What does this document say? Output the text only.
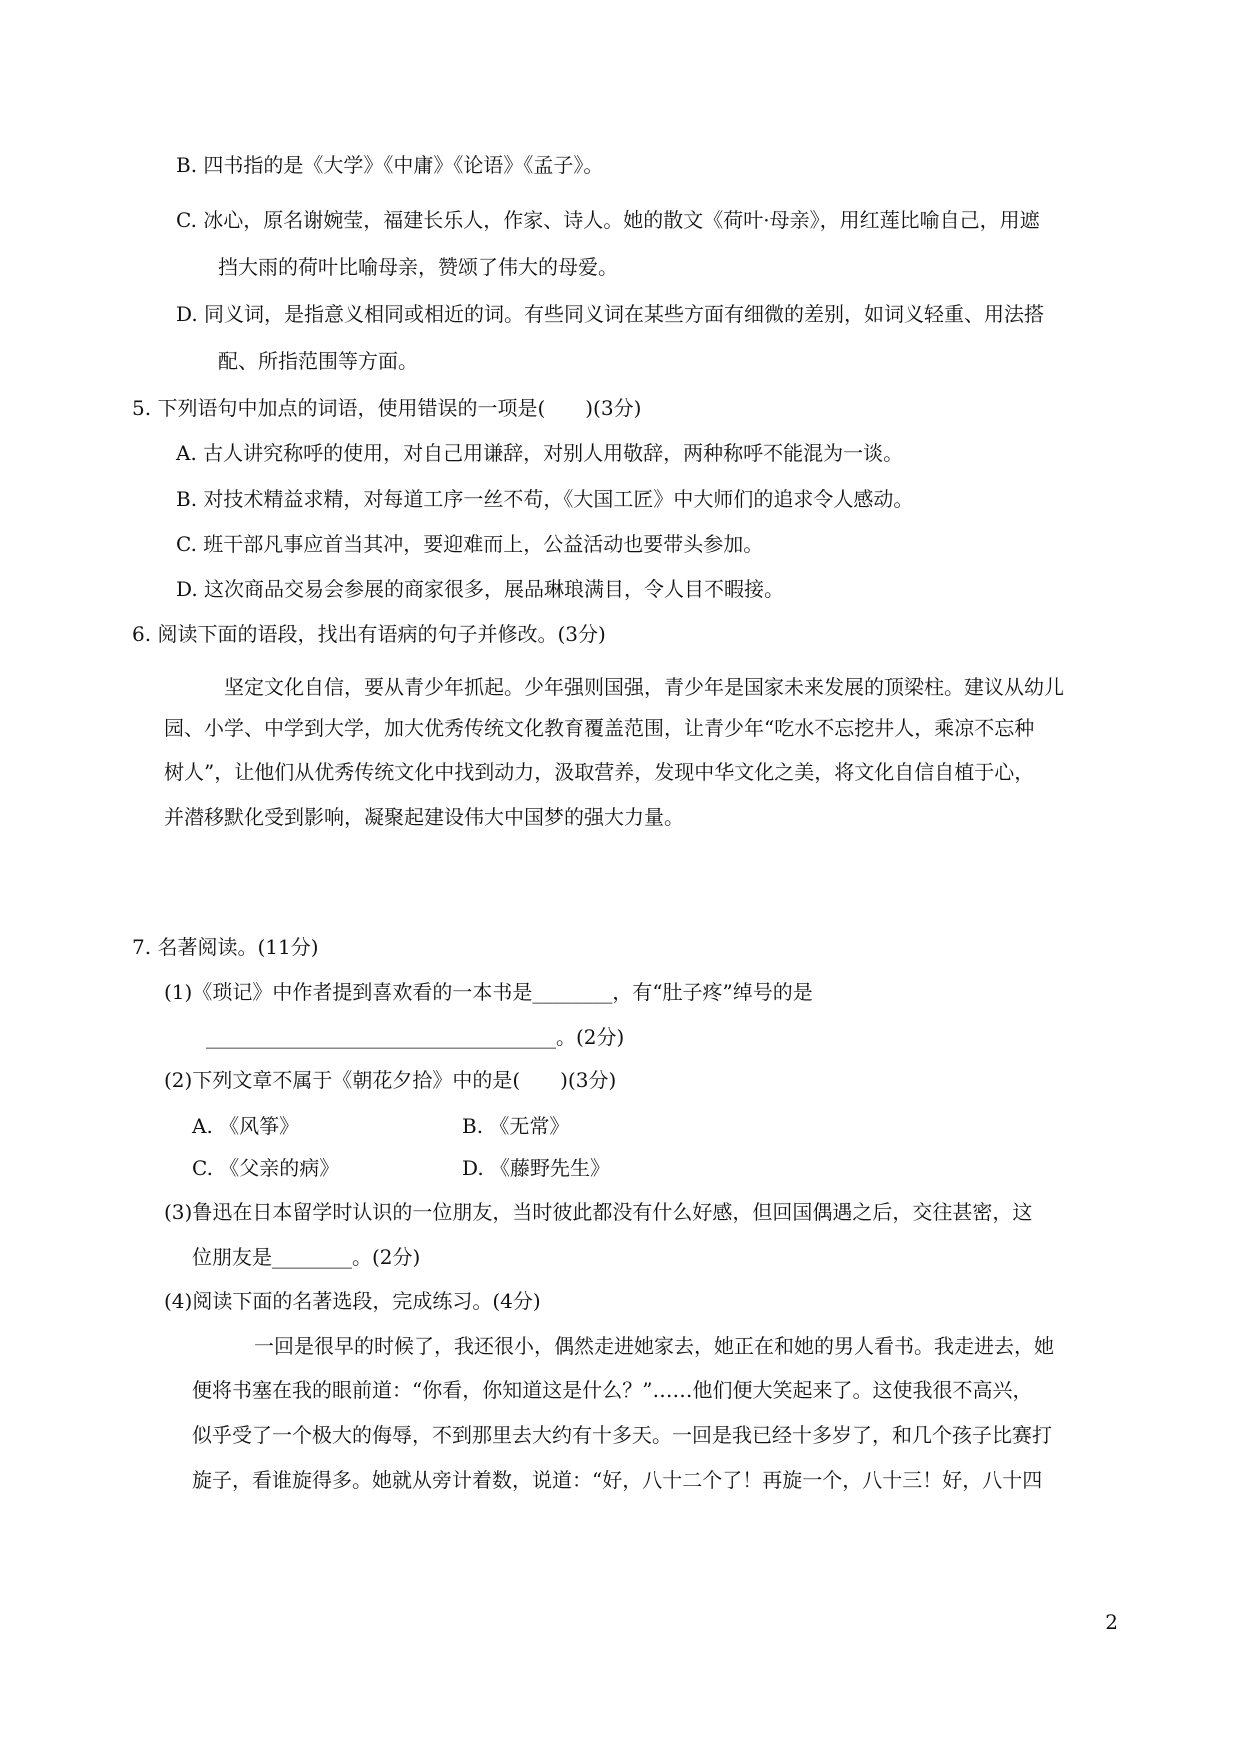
B. 四书指的是《大学》《中庸》《论语》《孟子》。
C. 冰心，原名谢婉莹，福建长乐人，作家、诗人。她的散文《荷叶·母亲》，用红莲比喻自己，用遮
挡大雨的荷叶比喻母亲，赞颂了伟大的母爱。
D. 同义词，是指意义相同或相近的词。有些同义词在某些方面有细微的差别，如词义轻重、用法搭
配、所指范围等方面。
5. 下列语句中加点的词语，使用错误的一项是(　　)(3分)
A. 古人讲究称呼的使用，对自己用谦辞，对别人用敬辞，两种称呼不能混为一谈。
B. 对技术精益求精，对每道工序一丝不苟，《大国工匠》中大师们的追求令人感动。
C. 班干部凡事应首当其冲，要迎难而上，公益活动也要带头参加。
D. 这次商品交易会参展的商家很多，展品琳琅满目，令人目不暇接。
6. 阅读下面的语段，找出有语病的句子并修改。(3分)
坚定文化自信，要从青少年抓起。少年强则国强，青少年是国家未来发展的顶梁柱。建议从幼儿
园、小学、中学到大学，加大优秀传统文化教育覆盖范围，让青少年“吃水不忘挖井人，乘凉不忘种
树人”，让他们从优秀传统文化中找到动力，汲取营养，发现中华文化之美，将文化自信自植于心，
并潜移默化受到影响，凝聚起建设伟大中国梦的强大力量。
7. 名著阅读。(11分)
(1)《琐记》中作者提到喜欢看的一本书是________，有“肚子疼”绰号的是
___________________________________。(2分)
(2)下列文章不属于《朝花夕拾》中的是(　　)(3分)
A. 《风筝》	B. 《无常》
C. 《父亲的病》	D. 《藤野先生》
(3)鲁迅在日本留学时认识的一位朋友，当时彼此都没有什么好感，但回国偶遇之后，交往甚密，这
位朋友是________。(2分)
(4)阅读下面的名著选段，完成练习。(4分)
一回是很早的时候了，我还很小，偶然走进她家去，她正在和她的男人看书。我走进去，她
便将书塞在我的眼前道：“你看，你知道这是什么？”……他们便大笑起来了。这使我很不高兴，
似乎受了一个极大的侮辱，不到那里去大约有十多天。一回是我已经十多岁了，和几个孩子比赛打
旋子，看谁旋得多。她就从旁计着数，说道：“好，八十二个了！再旋一个，八十三！好，八十四
2
